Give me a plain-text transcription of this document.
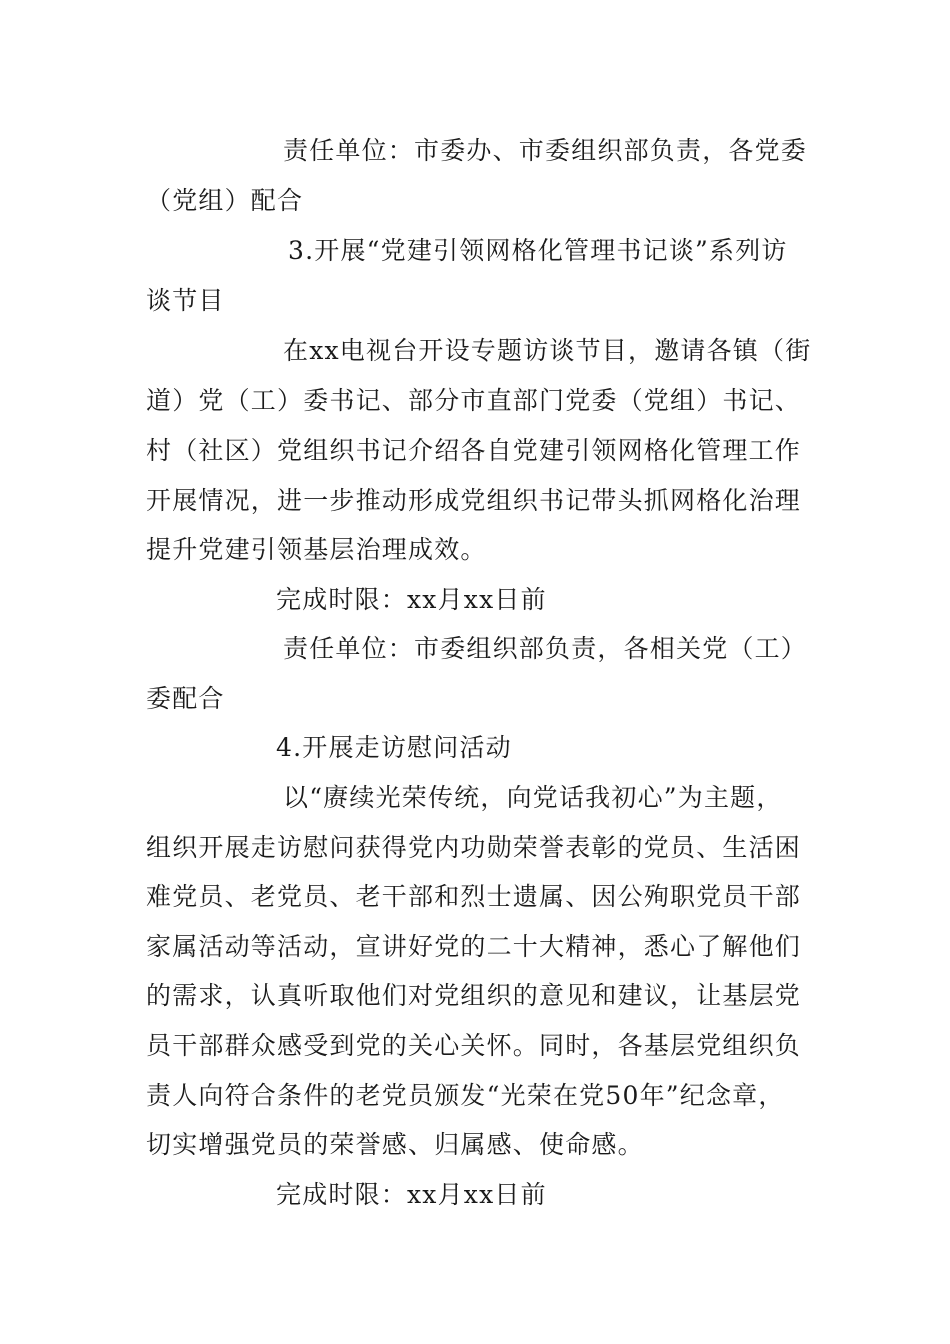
责任单位：市委办、市委组织部负责，各党委
（党组）配合
3.开展“党建引领网格化管理书记谈”系列访
谈节目
在xx电视台开设专题访谈节目，邀请各镇（街
道）党（工）委书记、部分市直部门党委（党组）书记、
村（社区）党组织书记介绍各自党建引领网格化管理工作
开展情况，进一步推动形成党组织书记带头抓网格化治理
提升党建引领基层治理成效。
完成时限：xx月xx日前
责任单位：市委组织部负责，各相关党（工）
委配合
4.开展走访慰问活动
以“赓续光荣传统，向党话我初心”为主题，
组织开展走访慰问获得党内功勋荣誉表彰的党员、生活困
难党员、老党员、老干部和烈士遗属、因公殉职党员干部
家属活动等活动，宣讲好党的二十大精神，悉心了解他们
的需求，认真听取他们对党组织的意见和建议，让基层党
员干部群众感受到党的关心关怀。同时，各基层党组织负
责人向符合条件的老党员颁发“光荣在党50年”纪念章，
切实增强党员的荣誉感、归属感、使命感。
完成时限：xx月xx日前
